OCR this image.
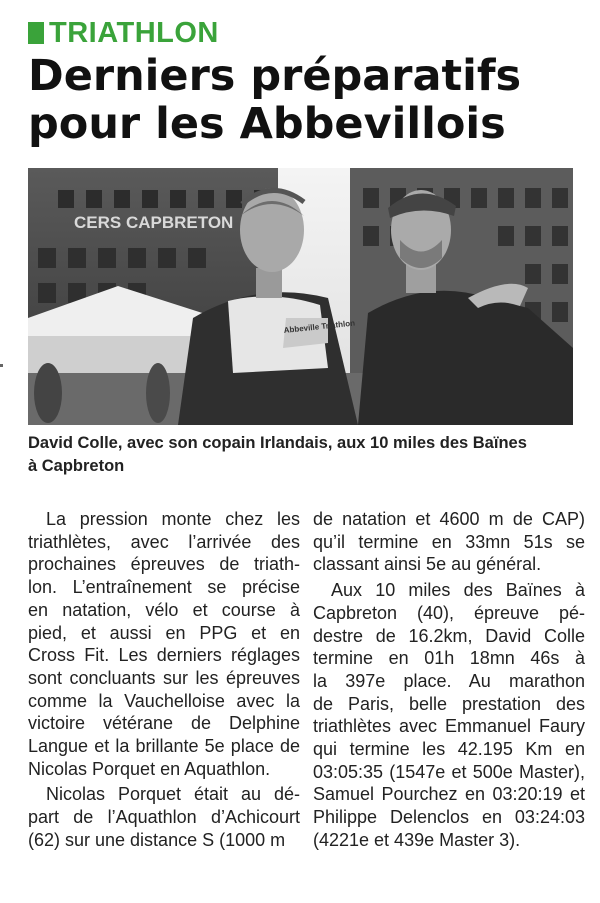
TRIATHLON
Derniers préparatifs
pour les Abbevillois
CERS CAPBRETON
Abbeville Triathlon
David Colle, avec son copain Irlandais, aux 10 miles des Baïnes
à Capbreton
La pression monte chez les
triathlètes, avec l’arrivée des
prochaines épreuves de triath-
lon. L’entraînement se précise
en natation, vélo et course à
pied, et aussi en PPG et en
Cross Fit. Les derniers réglages
sont concluants sur les épreuves
comme la Vauchelloise avec la
victoire vétérane de Delphine
Langue et la brillante 5e place de
Nicolas Porquet en Aquathlon.
Nicolas Porquet était au dé-
part de l’Aquathlon d’Achicourt
(62) sur une distance S (1000 m
de natation et 4600 m de CAP)
qu’il termine en 33mn 51s se
classant ainsi 5e au général.
Aux 10 miles des Baïnes à
Capbreton (40), épreuve pé-
destre de 16.2km, David Colle
termine en 01h 18mn 46s à
la 397e place. Au marathon
de Paris, belle prestation des
triathlètes avec Emmanuel Faury
qui termine les 42.195 Km en
03:05:35 (1547e et 500e Master),
Samuel Pourchez en 03:20:19 et
Philippe Delenclos en 03:24:03
(4221e et 439e Master 3).
